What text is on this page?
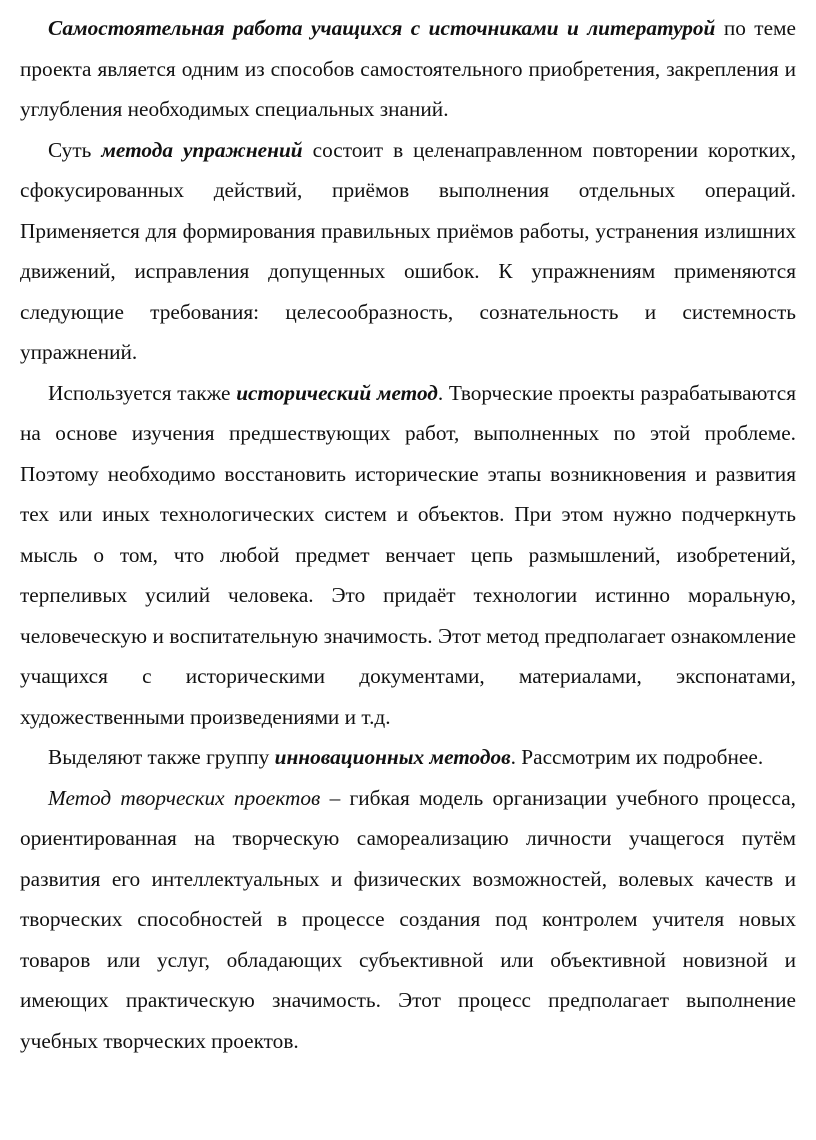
Самостоятельная работа учащихся с источниками и литературой по теме проекта является одним из способов самостоятельного приобретения, закрепления и углубления необходимых специальных знаний.

Суть метода упражнений состоит в целенаправленном повторении коротких, сфокусированных действий, приёмов выполнения отдельных операций. Применяется для формирования правильных приёмов работы, устранения излишних движений, исправления допущенных ошибок. К упражнениям применяются следующие требования: целесообразность, сознательность и системность упражнений.

Используется также исторический метод. Творческие проекты разрабатываются на основе изучения предшествующих работ, выполненных по этой проблеме. Поэтому необходимо восстановить исторические этапы возникновения и развития тех или иных технологических систем и объектов. При этом нужно подчеркнуть мысль о том, что любой предмет венчает цепь размышлений, изобретений, терпеливых усилий человека. Это придаёт технологии истинно моральную, человеческую и воспитательную значимость. Этот метод предполагает ознакомление учащихся с историческими документами, материалами, экспонатами, художественными произведениями и т.д.

Выделяют также группу инновационных методов. Рассмотрим их подробнее.

Метод творческих проектов – гибкая модель организации учебного процесса, ориентированная на творческую самореализацию личности учащегося путём развития его интеллектуальных и физических возможностей, волевых качеств и творческих способностей в процессе создания под контролем учителя новых товаров или услуг, обладающих субъективной или объективной новизной и имеющих практическую значимость. Этот процесс предполагает выполнение учебных творческих проектов.
